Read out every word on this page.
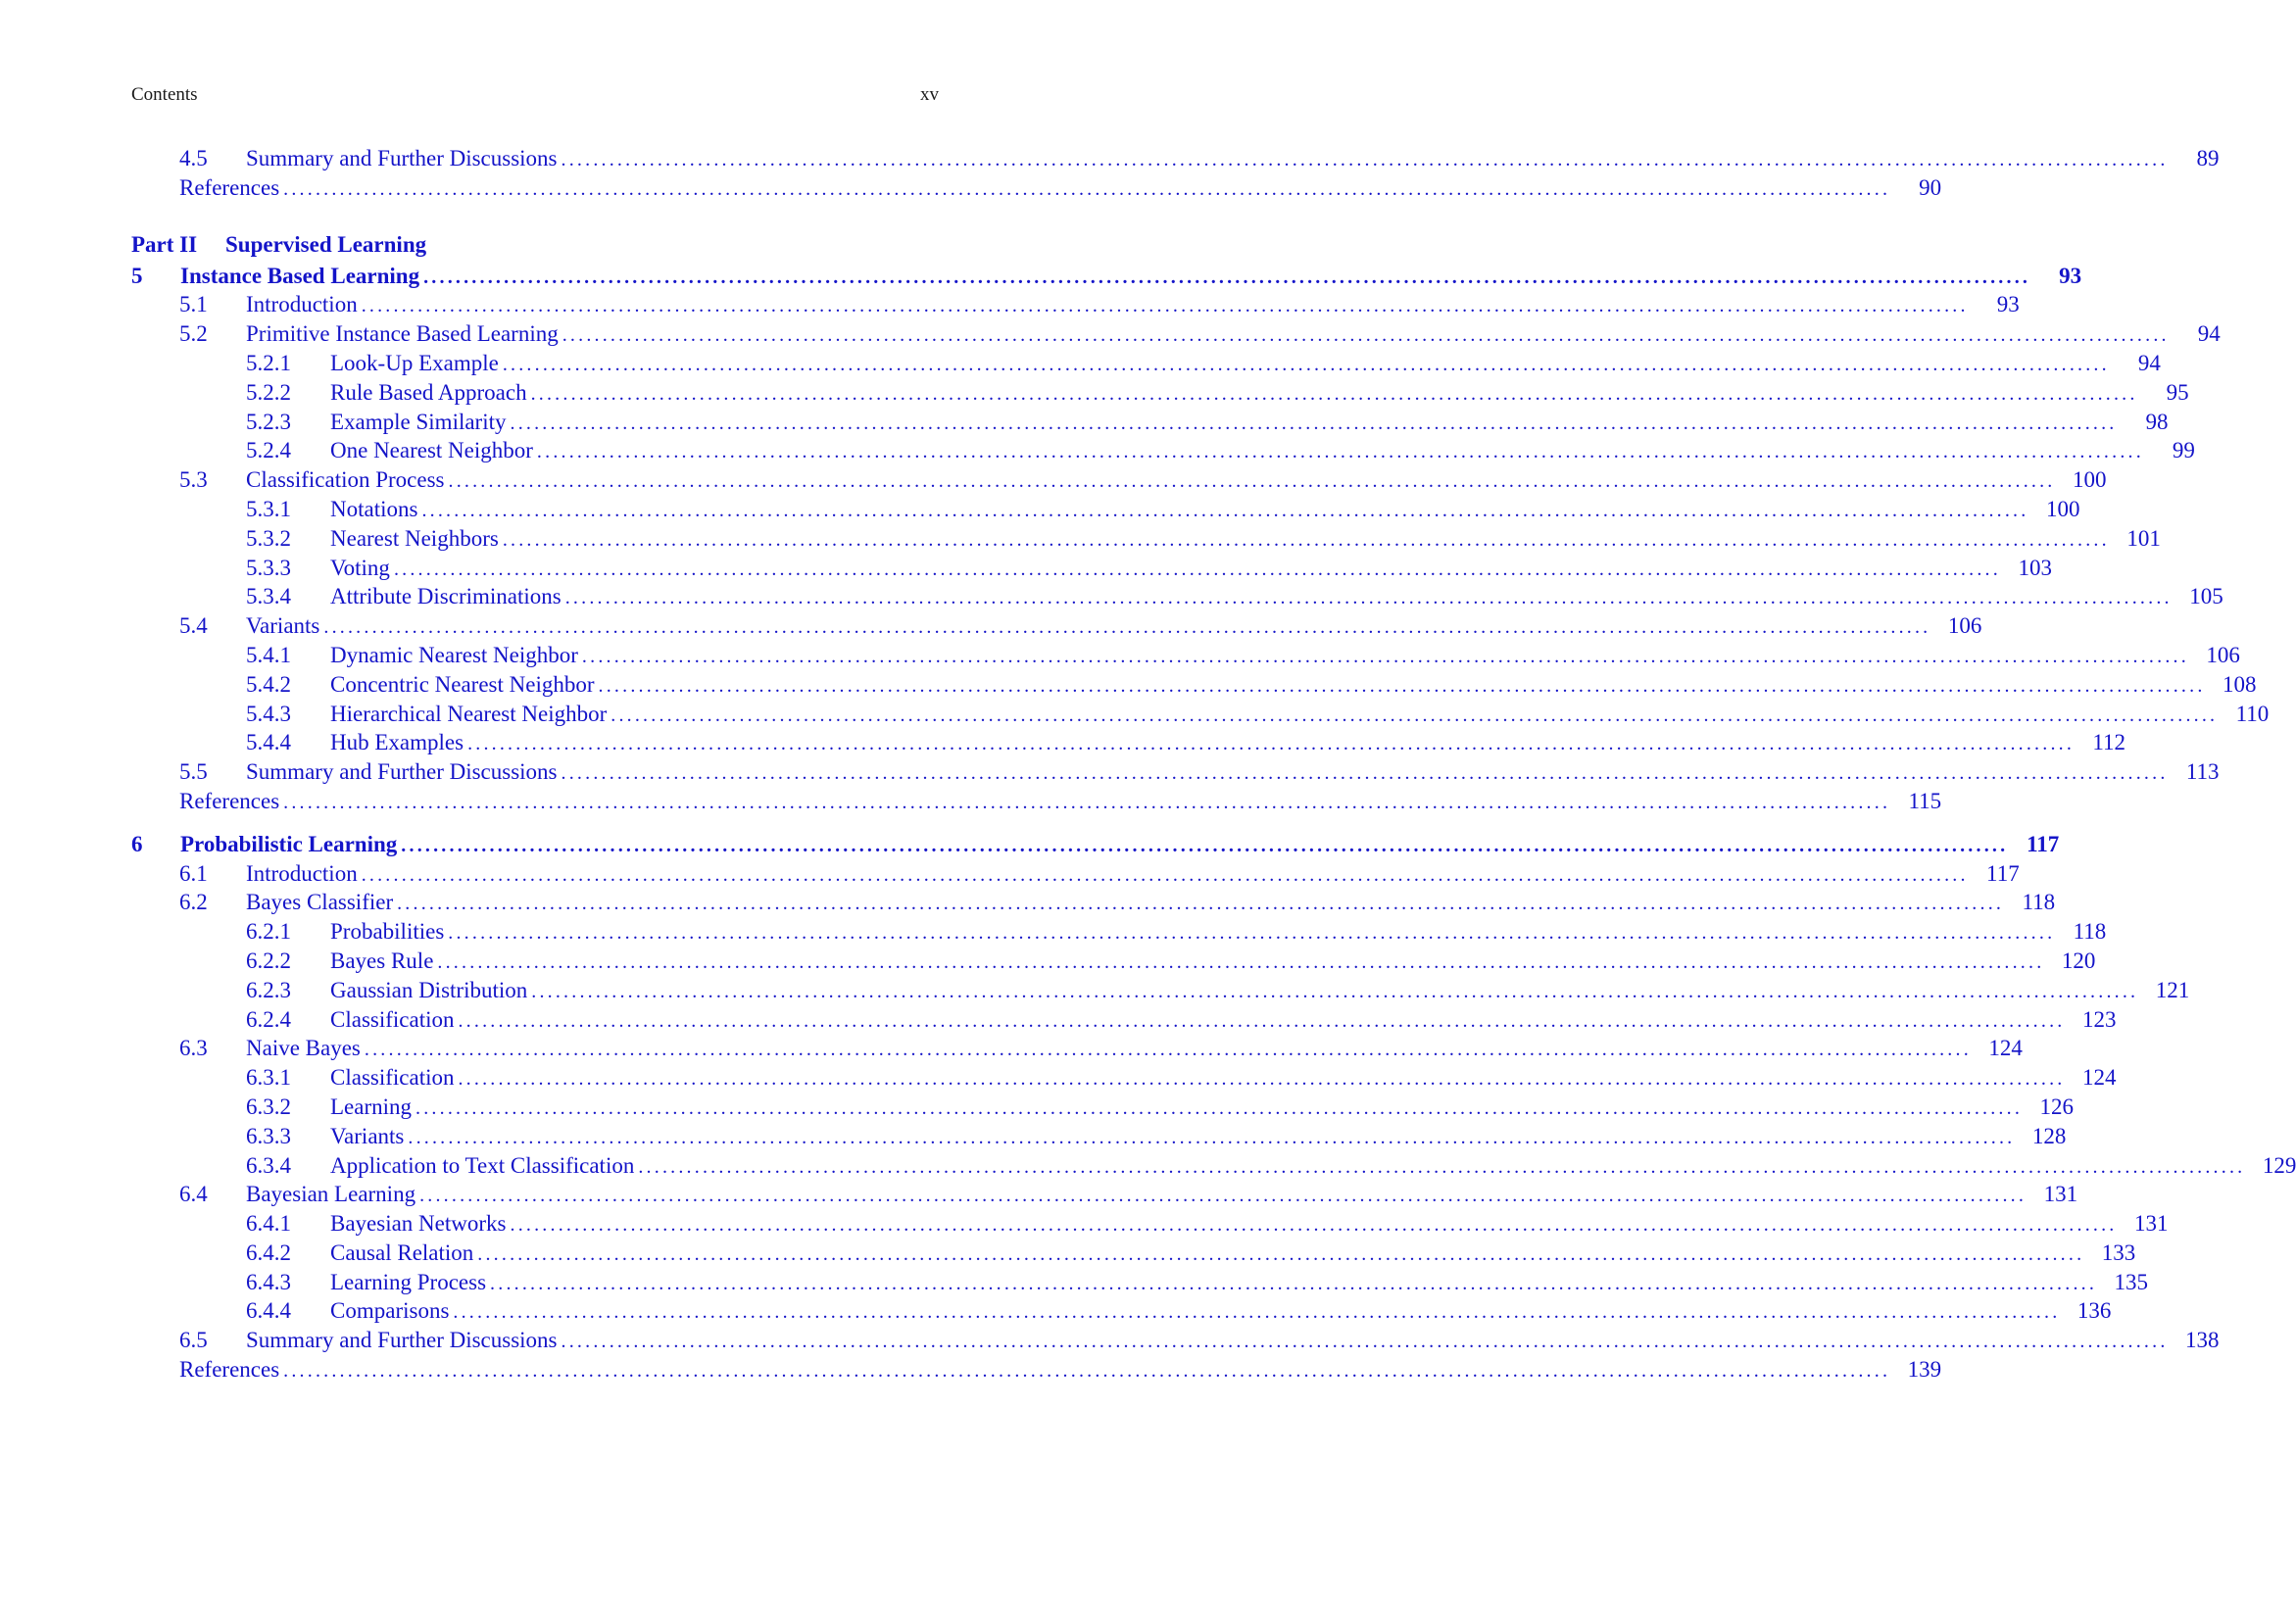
Contents	xv
4.5	Summary and Further Discussions ........................................................................................................................................................................................................	89
References ........................................................................................................................................................................................................	90
Part II Supervised Learning
5	Instance Based Learning ........................................................................................................................................................................................................	93
5.1	Introduction ........................................................................................................................................................................................................	93
5.2	Primitive Instance Based Learning ........................................................................................................................................................................................................	94
5.2.1	Look-Up Example ........................................................................................................................................................................................................	94
5.2.2	Rule Based Approach ........................................................................................................................................................................................................	95
5.2.3	Example Similarity ........................................................................................................................................................................................................	98
5.2.4	One Nearest Neighbor ........................................................................................................................................................................................................	99
5.3	Classification Process ........................................................................................................................................................................................................ 100
5.3.1	Notations ........................................................................................................................................................................................................ 100
5.3.2	Nearest Neighbors ........................................................................................................................................................................................................ 101
5.3.3	Voting ........................................................................................................................................................................................................ 103
5.3.4	Attribute Discriminations ........................................................................................................................................................................................................ 105
5.4	Variants ........................................................................................................................................................................................................ 106
5.4.1	Dynamic Nearest Neighbor ........................................................................................................................................................................................................ 106
5.4.2	Concentric Nearest Neighbor ........................................................................................................................................................................................................ 108
5.4.3	Hierarchical Nearest Neighbor ........................................................................................................................................................................................................ 110
5.4.4	Hub Examples ........................................................................................................................................................................................................ 112
5.5	Summary and Further Discussions ........................................................................................................................................................................................................ 113
References ........................................................................................................................................................................................................ 115
6	Probabilistic Learning ........................................................................................................................................................................................................ 117
6.1	Introduction ........................................................................................................................................................................................................ 117
6.2	Bayes Classifier ........................................................................................................................................................................................................ 118
6.2.1	Probabilities ........................................................................................................................................................................................................ 118
6.2.2	Bayes Rule ........................................................................................................................................................................................................ 120
6.2.3	Gaussian Distribution ........................................................................................................................................................................................................ 121
6.2.4	Classification ........................................................................................................................................................................................................ 123
6.3	Naive Bayes ........................................................................................................................................................................................................ 124
6.3.1	Classification ........................................................................................................................................................................................................ 124
6.3.2	Learning ........................................................................................................................................................................................................ 126
6.3.3	Variants ........................................................................................................................................................................................................ 128
6.3.4	Application to Text Classification ........................................................................................................................................................................................................ 129
6.4	Bayesian Learning ........................................................................................................................................................................................................ 131
6.4.1	Bayesian Networks ........................................................................................................................................................................................................ 131
6.4.2	Causal Relation ........................................................................................................................................................................................................ 133
6.4.3	Learning Process ........................................................................................................................................................................................................ 135
6.4.4	Comparisons ........................................................................................................................................................................................................ 136
6.5	Summary and Further Discussions ........................................................................................................................................................................................................ 138
References ........................................................................................................................................................................................................ 139
